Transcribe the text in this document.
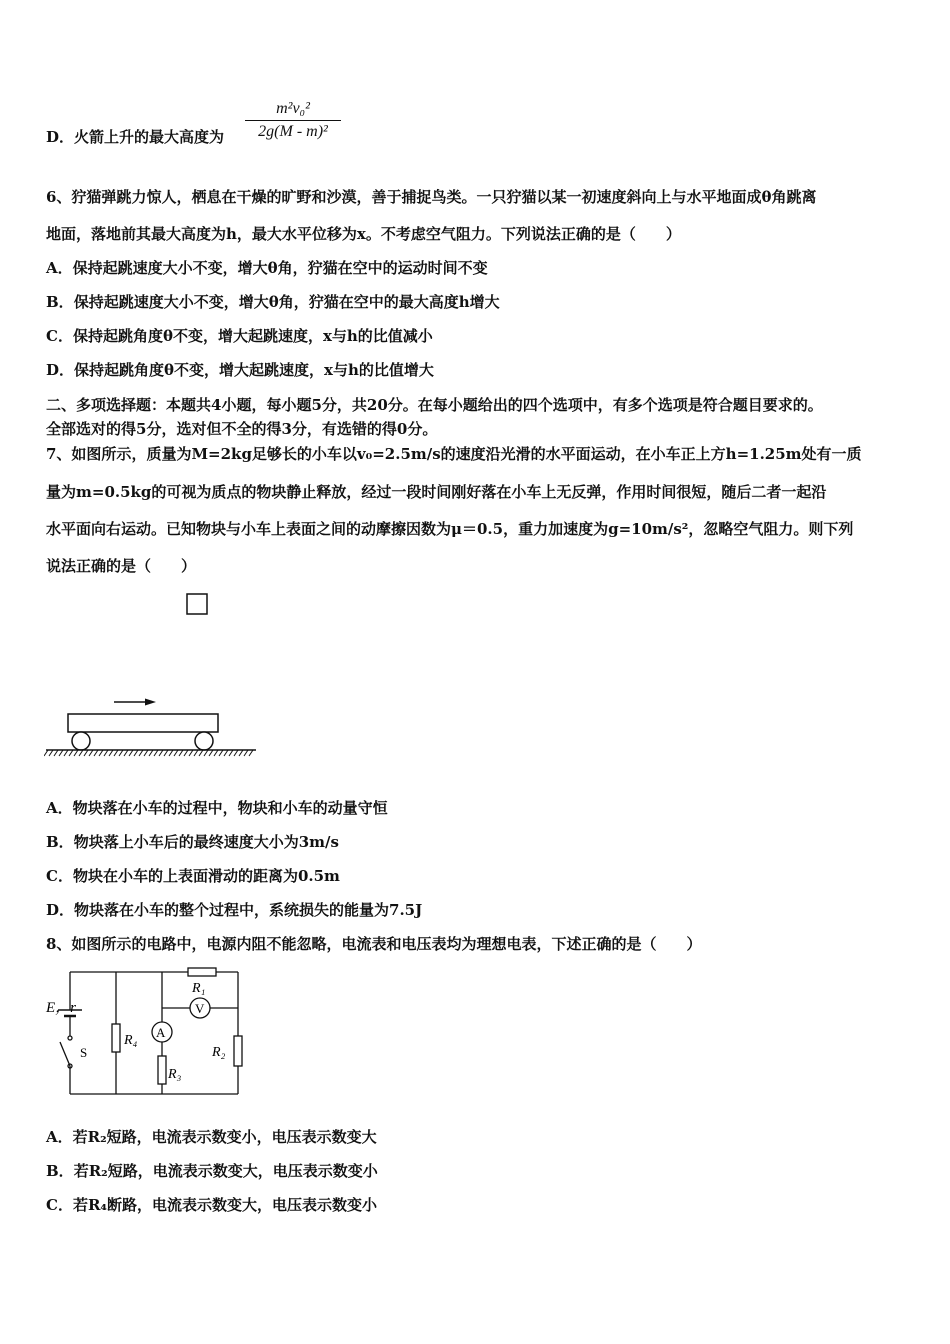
D．火箭上升的最大高度为
m²v₀²
2g(M - m)²
6、狞猫弹跳力惊人，栖息在干燥的旷野和沙漠，善于捕捉鸟类。一只狞猫以某一初速度斜向上与水平地面成θ角跳离
地面，落地前其最大高度为h，最大水平位移为x。不考虑空气阻力。下列说法正确的是（　　）
A．保持起跳速度大小不变，增大θ角，狞猫在空中的运动时间不变
B．保持起跳速度大小不变，增大θ角，狞猫在空中的最大高度h增大
C．保持起跳角度θ不变，增大起跳速度，x与h的比值减小
D．保持起跳角度θ不变，增大起跳速度，x与h的比值增大
二、多项选择题：本题共4小题，每小题5分，共20分。在每小题给出的四个选项中，有多个选项是符合题目要求的。
全部选对的得5分，选对但不全的得3分，有选错的得0分。
7、如图所示，质量为M=2kg足够长的小车以v₀=2.5m/s的速度沿光滑的水平面运动，在小车正上方h=1.25m处有一质
量为m=0.5kg的可视为质点的物块静止释放，经过一段时间刚好落在小车上无反弹，作用时间很短，随后二者一起沿
水平面向右运动。已知物块与小车上表面之间的动摩擦因数为μ＝0.5，重力加速度为g=10m/s²，忽略空气阻力。则下列
说法正确的是（　　）
A．物块落在小车的过程中，物块和小车的动量守恒
B．物块落上小车后的最终速度大小为3m/s
C．物块在小车的上表面滑动的距离为0.5m
D．物块落在小车的整个过程中，系统损失的能量为7.5J
8、如图所示的电路中，电源内阻不能忽略，电流表和电压表均为理想电表，下述正确的是（　　）
E，r
S
R₁
R₂
R₃
R₄
A
V
A．若R₂短路，电流表示数变小，电压表示数变大
B．若R₂短路，电流表示数变大，电压表示数变小
C．若R₄断路，电流表示数变大，电压表示数变小
